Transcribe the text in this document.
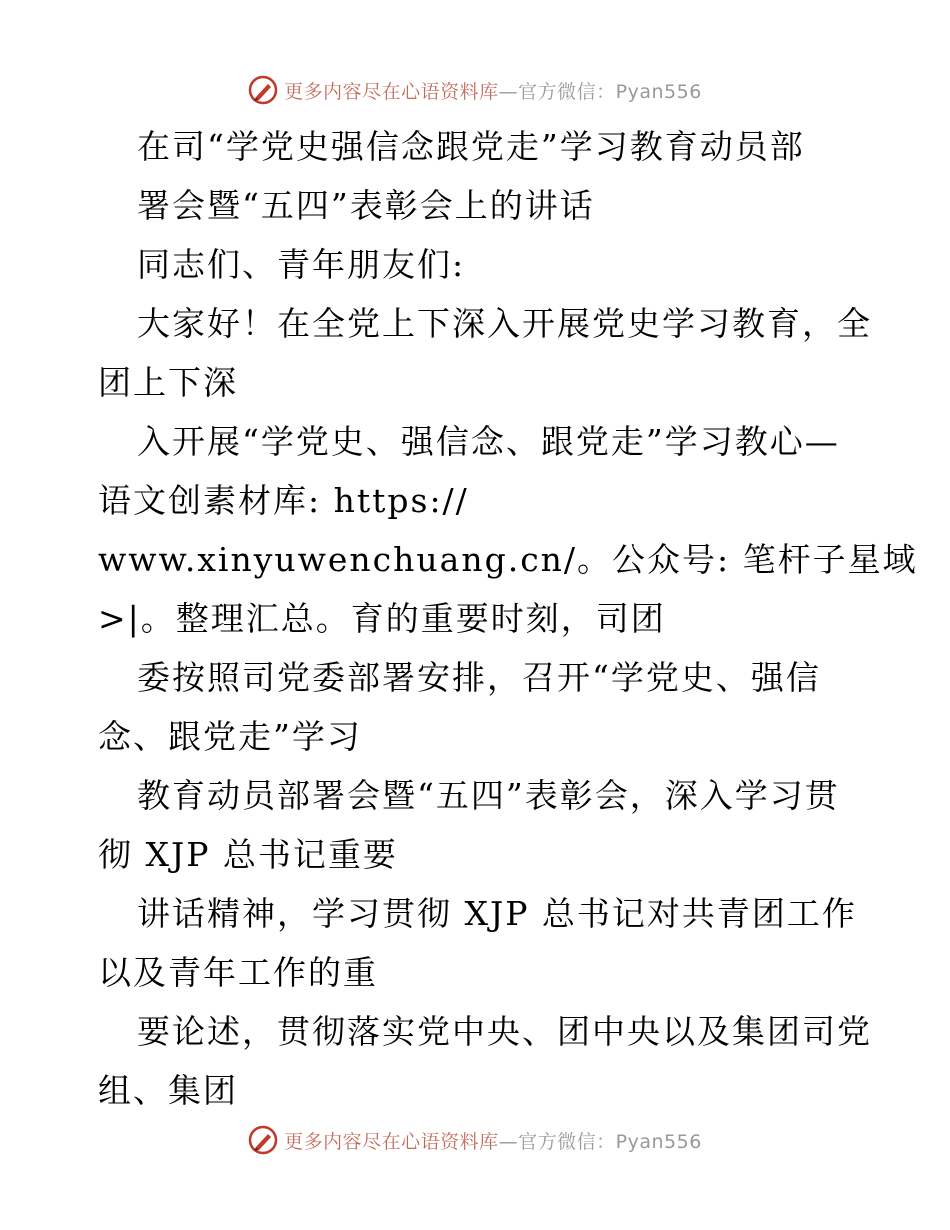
更多内容尽在心语资料库—官方微信：Pyan556
在司“学党史强信念跟党走”学习教育动员部
署会暨“五四”表彰会上的讲话
同志们、青年朋友们:
大家好！在全党上下深入开展党史学习教育，全
团上下深
入开展“学党史、强信念、跟党走”学习教心—
语文创素材库: https://
www.xinyuwenchuang.cn/。公众号: 笔杆子星域
>|。整理汇总。育的重要时刻，司团
委按照司党委部署安排，召开“学党史、强信
念、跟党走”学习
教育动员部署会暨“五四”表彰会，深入学习贯
彻 XJP 总书记重要
讲话精神，学习贯彻 XJP 总书记对共青团工作
以及青年工作的重
要论述，贯彻落实党中央、团中央以及集团司党
组、集团
更多内容尽在心语资料库—官方微信：Pyan556
